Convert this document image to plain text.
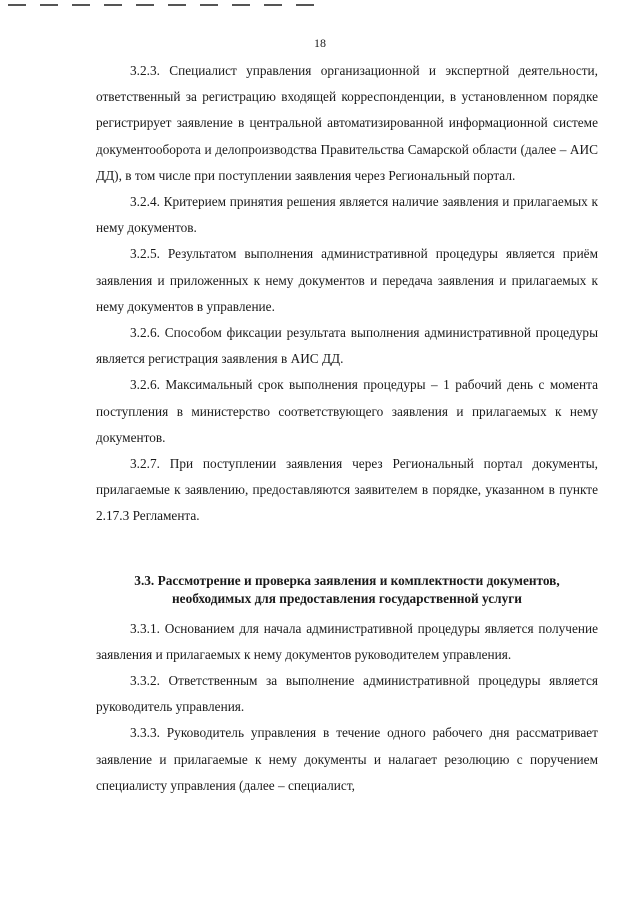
18

3.2.3. Специалист управления организационной и экспертной деятельности, ответственный за регистрацию входящей корреспонденции, в установленном порядке регистрирует заявление в центральной автоматизированной информационной системе документооборота и делопроизводства Правительства Самарской области (далее – АИС ДД), в том числе при поступлении заявления через Региональный портал.

3.2.4. Критерием принятия решения является наличие заявления и прилагаемых к нему документов.

3.2.5. Результатом выполнения административной процедуры является приём заявления и приложенных к нему документов и передача заявления и прилагаемых к нему документов в управление.

3.2.6. Способом фиксации результата выполнения административной процедуры является регистрация заявления в АИС ДД.

3.2.6. Максимальный срок выполнения процедуры – 1 рабочий день с момента поступления в министерство соответствующего заявления и прилагаемых к нему документов.

3.2.7. При поступлении заявления через Региональный портал документы, прилагаемые к заявлению, предоставляются заявителем в порядке, указанном в пункте 2.17.3 Регламента.

3.3. Рассмотрение и проверка заявления и комплектности документов,
необходимых для предоставления государственной услуги

3.3.1. Основанием для начала административной процедуры является получение заявления и прилагаемых к нему документов руководителем управления.

3.3.2. Ответственным за выполнение административной процедуры является руководитель управления.

3.3.3. Руководитель управления в течение одного рабочего дня рассматривает заявление и прилагаемые к нему документы и налагает резолюцию с поручением специалисту управления (далее – специалист,
